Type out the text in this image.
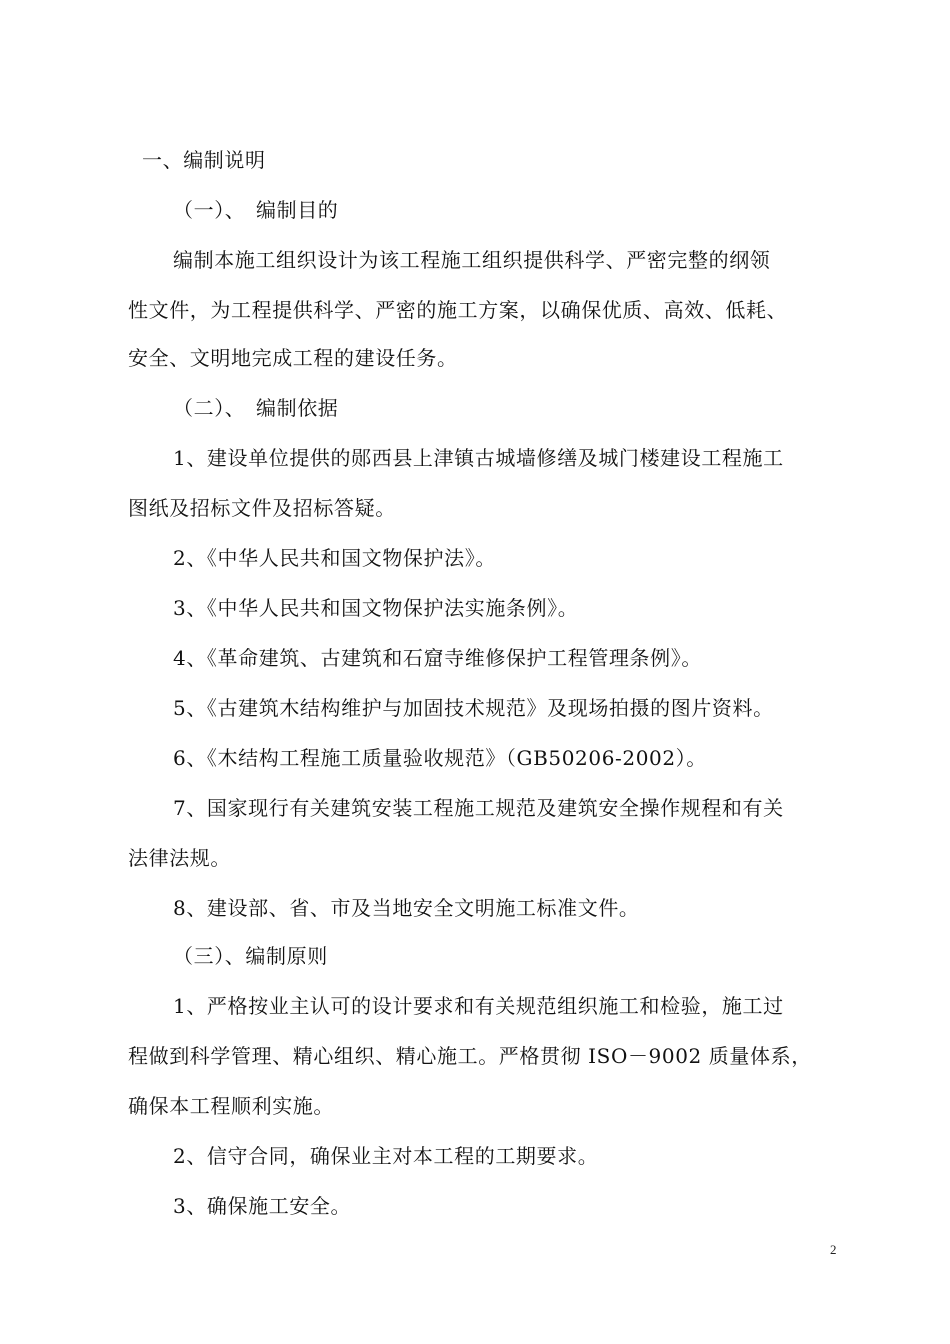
一、编制说明
（一）、　编制目的
编制本施工组织设计为该工程施工组织提供科学、严密完整的纲领
性文件，为工程提供科学、严密的施工方案，以确保优质、高效、低耗、
安全、文明地完成工程的建设任务。
（二）、　编制依据
1、建设单位提供的郧西县上津镇古城墙修缮及城门楼建设工程施工
图纸及招标文件及招标答疑。
2、《中华人民共和国文物保护法》。
3、《中华人民共和国文物保护法实施条例》。
4、《革命建筑、古建筑和石窟寺维修保护工程管理条例》。
5、《古建筑木结构维护与加固技术规范》及现场拍摄的图片资料。
6、《木结构工程施工质量验收规范》（GB50206-2002）。
7、国家现行有关建筑安装工程施工规范及建筑安全操作规程和有关
法律法规。
8、建设部、省、市及当地安全文明施工标准文件。
（三）、编制原则
1、严格按业主认可的设计要求和有关规范组织施工和检验，施工过
程做到科学管理、精心组织、精心施工。严格贯彻 ISO－9002 质量体系，
确保本工程顺利实施。
2、信守合同，确保业主对本工程的工期要求。
3、确保施工安全。
2
